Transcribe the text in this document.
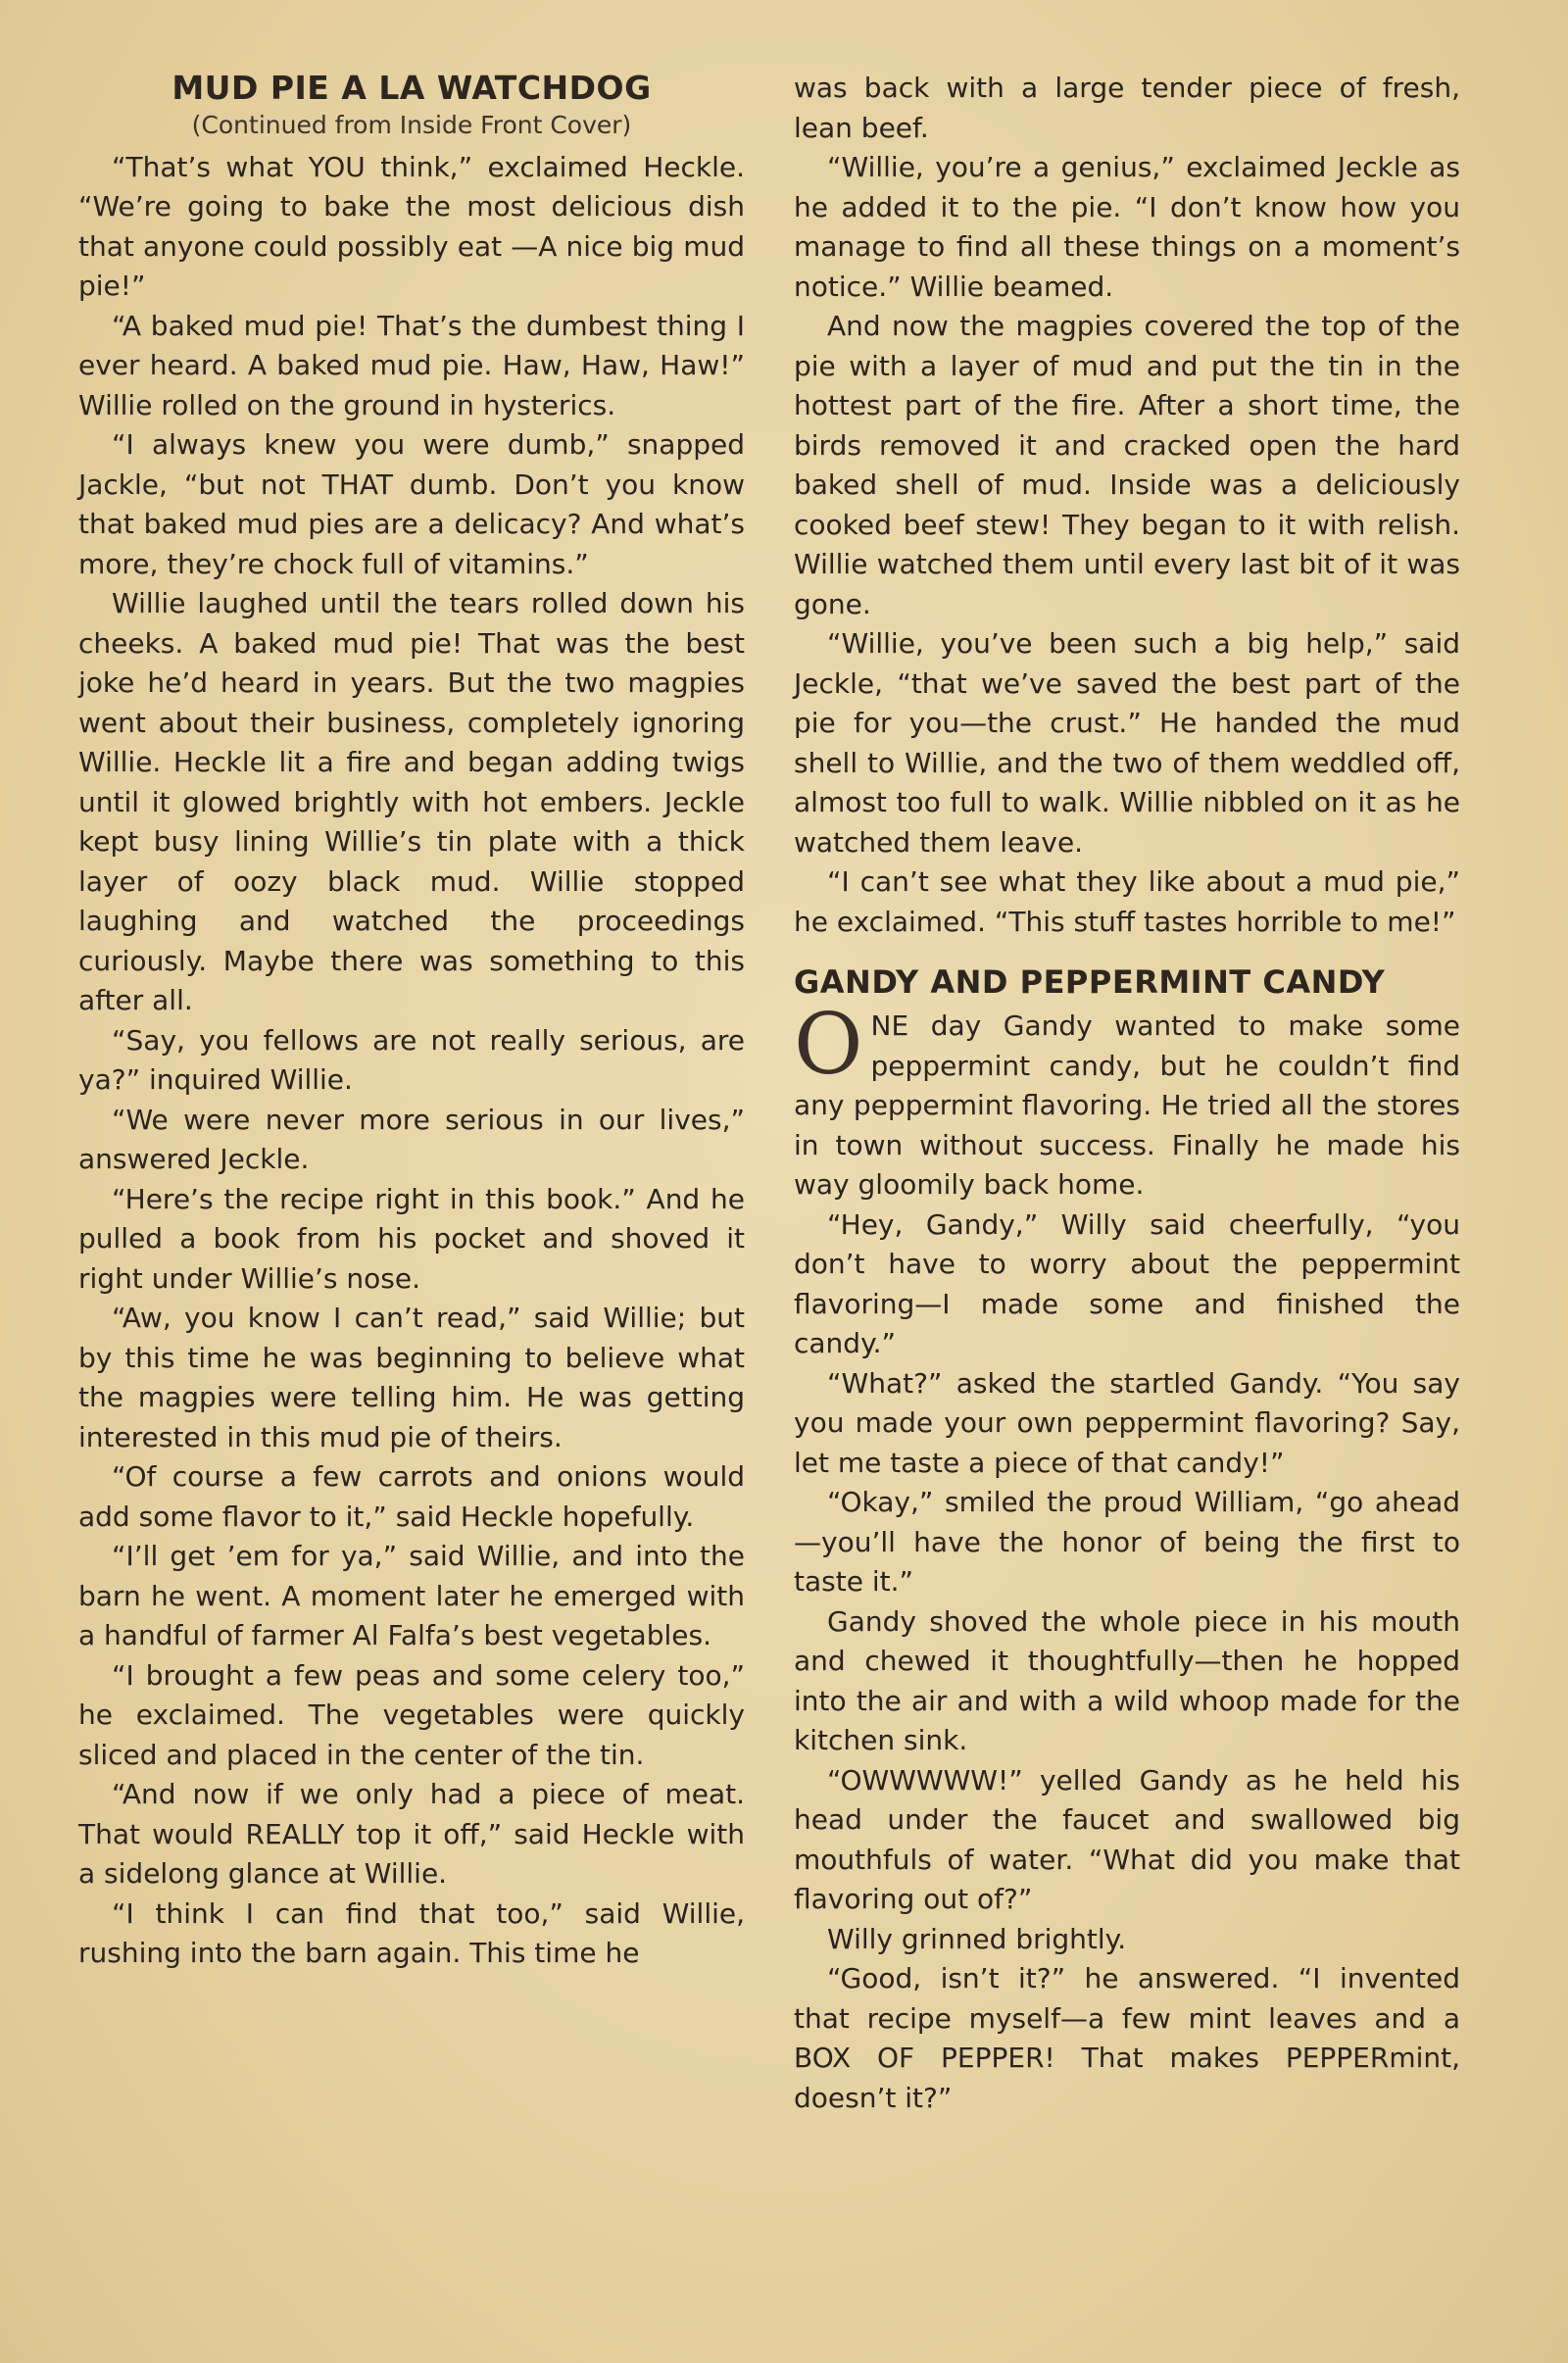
MUD PIE A LA WATCHDOG
(Continued from Inside Front Cover)

“That’s what YOU think,” exclaimed Heckle. “We’re going to bake the most delicious dish that anyone could possibly eat —A nice big mud pie!”

“A baked mud pie! That’s the dumbest thing I ever heard. A baked mud pie. Haw, Haw, Haw!” Willie rolled on the ground in hysterics.

“I always knew you were dumb,” snapped Jackle, “but not THAT dumb. Don’t you know that baked mud pies are a delicacy? And what’s more, they’re chock full of vitamins.”

Willie laughed until the tears rolled down his cheeks. A baked mud pie! That was the best joke he’d heard in years. But the two magpies went about their business, completely ignoring Willie. Heckle lit a fire and began adding twigs until it glowed brightly with hot embers. Jeckle kept busy lining Willie’s tin plate with a thick layer of oozy black mud. Willie stopped laughing and watched the proceedings curiously. Maybe there was something to this after all.

“Say, you fellows are not really serious, are ya?” inquired Willie.

“We were never more serious in our lives,” answered Jeckle.

“Here’s the recipe right in this book.” And he pulled a book from his pocket and shoved it right under Willie’s nose.

“Aw, you know I can’t read,” said Willie; but by this time he was beginning to believe what the magpies were telling him. He was getting interested in this mud pie of theirs.

“Of course a few carrots and onions would add some flavor to it,” said Heckle hopefully.

“I’ll get ’em for ya,” said Willie, and into the barn he went. A moment later he emerged with a handful of farmer Al Falfa’s best vegetables.

“I brought a few peas and some celery too,” he exclaimed. The vegetables were quickly sliced and placed in the center of the tin.

“And now if we only had a piece of meat. That would REALLY top it off,” said Heckle with a sidelong glance at Willie.

“I think I can find that too,” said Willie, rushing into the barn again. This time he

was back with a large tender piece of fresh, lean beef.

“Willie, you’re a genius,” exclaimed Jeckle as he added it to the pie. “I don’t know how you manage to find all these things on a moment’s notice.” Willie beamed.

And now the magpies covered the top of the pie with a layer of mud and put the tin in the hottest part of the fire. After a short time, the birds removed it and cracked open the hard baked shell of mud. Inside was a deliciously cooked beef stew! They began to it with relish. Willie watched them until every last bit of it was gone.

“Willie, you’ve been such a big help,” said Jeckle, “that we’ve saved the best part of the pie for you—the crust.” He handed the mud shell to Willie, and the two of them weddled off, almost too full to walk. Willie nibbled on it as he watched them leave.

“I can’t see what they like about a mud pie,” he exclaimed. “This stuff tastes horrible to me!”

GANDY AND PEPPERMINT CANDY

ONE day Gandy wanted to make some peppermint candy, but he couldn’t find any peppermint flavoring. He tried all the stores in town without success. Finally he made his way gloomily back home.

“Hey, Gandy,” Willy said cheerfully, “you don’t have to worry about the peppermint flavoring—I made some and finished the candy.”

“What?” asked the startled Gandy. “You say you made your own peppermint flavoring? Say, let me taste a piece of that candy!”

“Okay,” smiled the proud William, “go ahead—you’ll have the honor of being the first to taste it.”

Gandy shoved the whole piece in his mouth and chewed it thoughtfully—then he hopped into the air and with a wild whoop made for the kitchen sink.

“OWWWWW!” yelled Gandy as he held his head under the faucet and swallowed big mouthfuls of water. “What did you make that flavoring out of?”

Willy grinned brightly.

“Good, isn’t it?” he answered. “I invented that recipe myself—a few mint leaves and a BOX OF PEPPER! That makes PEPPERmint, doesn’t it?”
